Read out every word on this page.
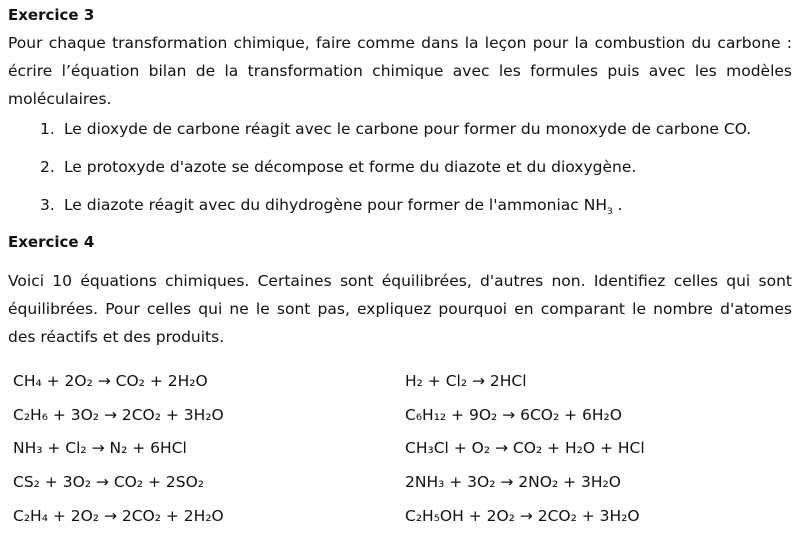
Exercice 3

Pour chaque transformation chimique, faire comme dans la leçon pour la combustion du carbone : écrire l’équation bilan de la transformation chimique avec les formules puis avec les modèles moléculaires.

1. Le dioxyde de carbone réagit avec le carbone pour former du monoxyde de carbone CO.
2. Le protoxyde d'azote se décompose et forme du diazote et du dioxygène.
3. Le diazote réagit avec du dihydrogène pour former de l'ammoniac $NH_3$ .
Exercice 4

Voici 10 équations chimiques. Certaines sont équilibrées, d'autres non. Identifiez celles qui sont équilibrées. Pour celles qui ne le sont pas, expliquez pourquoi en comparant le nombre d'atomes des réactifs et des produits.

CH₄ + 2O₂ → CO₂ + 2H₂O
C₂H₆ + 3O₂ → 2CO₂ + 3H₂O
NH₃ + Cl₂ → N₂ + 6HCl
CS₂ + 3O₂ → CO₂ + 2SO₂
C₂H₄ + 2O₂ → 2CO₂ + 2H₂O
H₂ + Cl₂ → 2HCl
C₆H₁₂ + 9O₂ → 6CO₂ + 6H₂O
CH₃Cl + O₂ → CO₂ + H₂O + HCl
2NH₃ + 3O₂ → 2NO₂ + 3H₂O
C₂H₅OH + 2O₂ → 2CO₂ + 3H₂O
